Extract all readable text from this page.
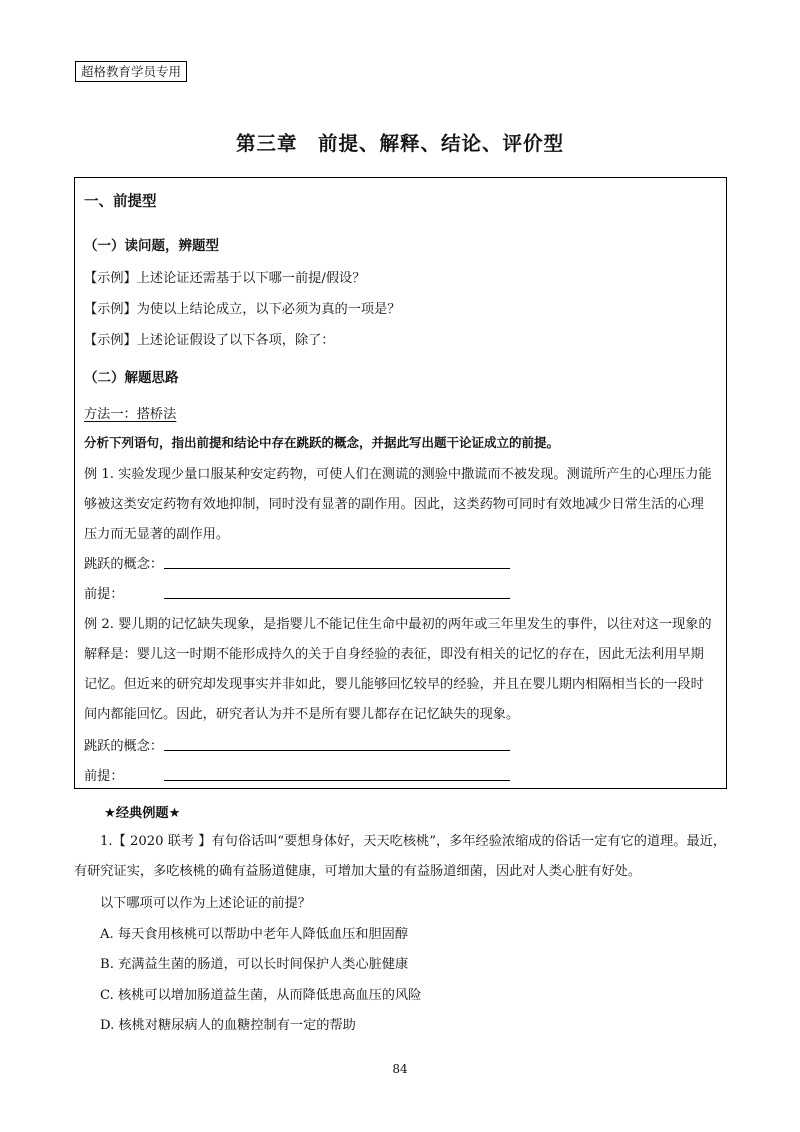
超格教育学员专用
第三章　前提、解释、结论、评价型
一、前提型
（一）读问题，辨题型
【示例】上述论证还需基于以下哪一前提/假设？
【示例】为使以上结论成立，以下必须为真的一项是？
【示例】上述论证假设了以下各项，除了：
（二）解题思路
方法一：搭桥法
分析下列语句，指出前提和结论中存在跳跃的概念，并据此写出题干论证成立的前提。
例 1. 实验发现少量口服某种安定药物，可使人们在测谎的测验中撒谎而不被发现。测谎所产生的心理压力能
够被这类安定药物有效地抑制，同时没有显著的副作用。因此，这类药物可同时有效地减少日常生活的心理
压力而无显著的副作用。
跳跃的概念：
前提：
例 2. 婴儿期的记忆缺失现象，是指婴儿不能记住生命中最初的两年或三年里发生的事件，以往对这一现象的
解释是：婴儿这一时期不能形成持久的关于自身经验的表征，即没有相关的记忆的存在，因此无法利用早期
记忆。但近来的研究却发现事实并非如此，婴儿能够回忆较早的经验，并且在婴儿期内相隔相当长的一段时
间内都能回忆。因此，研究者认为并不是所有婴儿都存在记忆缺失的现象。
跳跃的概念：
前提：
★经典例题★
1.【 2020 联考 】有句俗话叫“要想身体好，天天吃核桃”，多年经验浓缩成的俗话一定有它的道理。最近，
有研究证实，多吃核桃的确有益肠道健康，可增加大量的有益肠道细菌，因此对人类心脏有好处。
以下哪项可以作为上述论证的前提？
A. 每天食用核桃可以帮助中老年人降低血压和胆固醇
B. 充满益生菌的肠道，可以长时间保护人类心脏健康
C. 核桃可以增加肠道益生菌，从而降低患高血压的风险
D. 核桃对糖尿病人的血糖控制有一定的帮助
84
